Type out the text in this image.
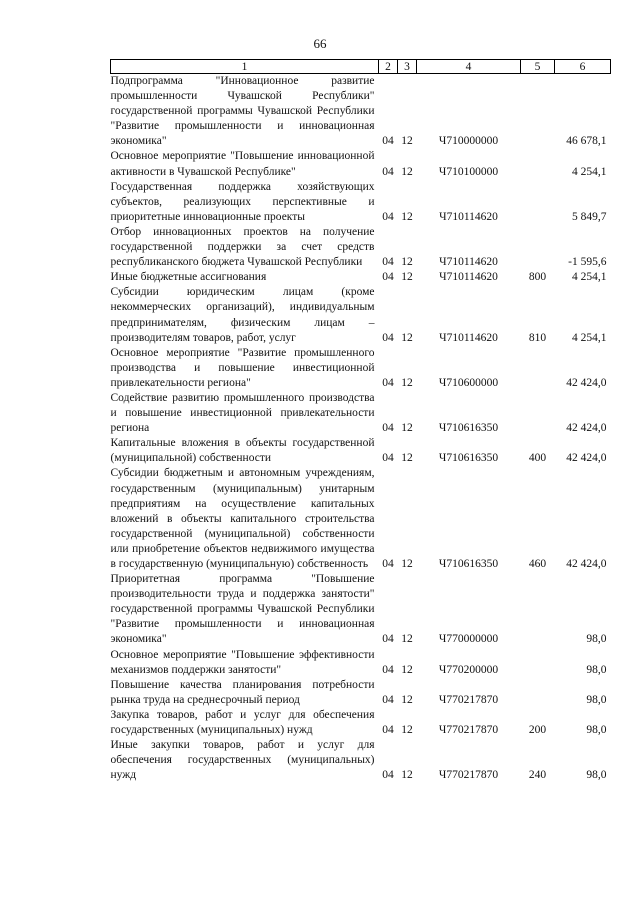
66
1	2	3	4	5	6
Подпрограмма "Инновационное развитие промышленности Чувашской Республики" государственной программы Чувашской Республики "Развитие промышленности и инновационная экономика"	04	12	Ч710000000		46 678,1
Основное мероприятие "Повышение инновационной активности в Чувашской Республике"	04	12	Ч710100000		4 254,1
Государственная поддержка хозяйствующих субъектов, реализующих перспективные и приоритетные инновационные проекты	04	12	Ч710114620		5 849,7
Отбор инновационных проектов на получение государственной поддержки за счет средств республиканского бюджета Чувашской Республики	04	12	Ч710114620		-1 595,6
Иные бюджетные ассигнования	04	12	Ч710114620	800	4 254,1
Субсидии юридическим лицам (кроме некоммерческих организаций), индивидуальным предпринимателям, физическим лицам – производителям товаров, работ, услуг	04	12	Ч710114620	810	4 254,1
Основное мероприятие "Развитие промышленного производства и повышение инвестиционной привлекательности региона"	04	12	Ч710600000		42 424,0
Содействие развитию промышленного производства и повышение инвестиционной привлекательности региона	04	12	Ч710616350		42 424,0
Капитальные вложения в объекты государственной (муниципальной) собственности	04	12	Ч710616350	400	42 424,0
Субсидии бюджетным и автономным учреждениям, государственным (муниципальным) унитарным предприятиям на осуществление капитальных вложений в объекты капитального строительства государственной (муниципальной) собственности или приобретение объектов недвижимого имущества в государственную (муниципальную) собственность	04	12	Ч710616350	460	42 424,0
Приоритетная программа "Повышение производительности труда и поддержка занятости" государственной программы Чувашской Республики "Развитие промышленности и инновационная экономика"	04	12	Ч770000000		98,0
Основное мероприятие "Повышение эффективности механизмов поддержки занятости"	04	12	Ч770200000		98,0
Повышение качества планирования потребности рынка труда на среднесрочный период	04	12	Ч770217870		98,0
Закупка товаров, работ и услуг для обеспечения государственных (муниципальных) нужд	04	12	Ч770217870	200	98,0
Иные закупки товаров, работ и услуг для обеспечения государственных (муниципальных) нужд	04	12	Ч770217870	240	98,0
